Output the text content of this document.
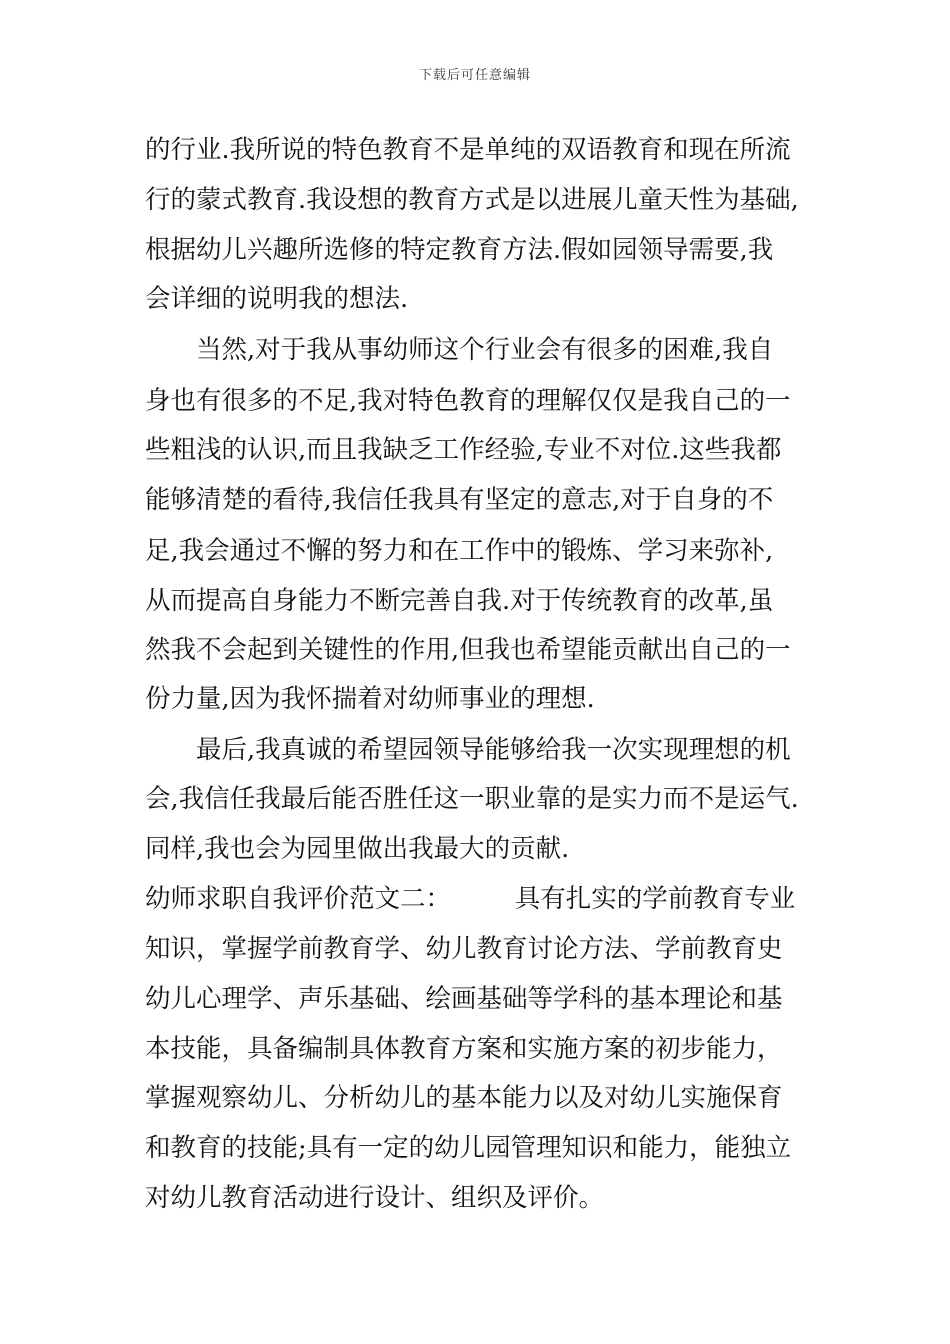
下载后可任意编辑
的行业.我所说的特色教育不是单纯的双语教育和现在所流
行的蒙式教育.我设想的教育方式是以进展儿童天性为基础,
根据幼儿兴趣所选修的特定教育方法.假如园领导需要,我
会详细的说明我的想法.
当然,对于我从事幼师这个行业会有很多的困难,我自
身也有很多的不足,我对特色教育的理解仅仅是我自己的一
些粗浅的认识,而且我缺乏工作经验,专业不对位.这些我都
能够清楚的看待,我信任我具有坚定的意志,对于自身的不
足,我会通过不懈的努力和在工作中的锻炼、学习来弥补,
从而提高自身能力不断完善自我.对于传统教育的改革,虽
然我不会起到关键性的作用,但我也希望能贡献出自己的一
份力量,因为我怀揣着对幼师事业的理想.
最后,我真诚的希望园领导能够给我一次实现理想的机
会,我信任我最后能否胜任这一职业靠的是实力而不是运气.
同样,我也会为园里做出我最大的贡献.
幼师求职自我评价范文二：　　　具有扎实的学前教育专业
知识，掌握学前教育学、幼儿教育讨论方法、学前教育史
幼儿心理学、声乐基础、绘画基础等学科的基本理论和基
本技能，具备编制具体教育方案和实施方案的初步能力，
掌握观察幼儿、分析幼儿的基本能力以及对幼儿实施保育
和教育的技能;具有一定的幼儿园管理知识和能力，能独立
对幼儿教育活动进行设计、组织及评价。
